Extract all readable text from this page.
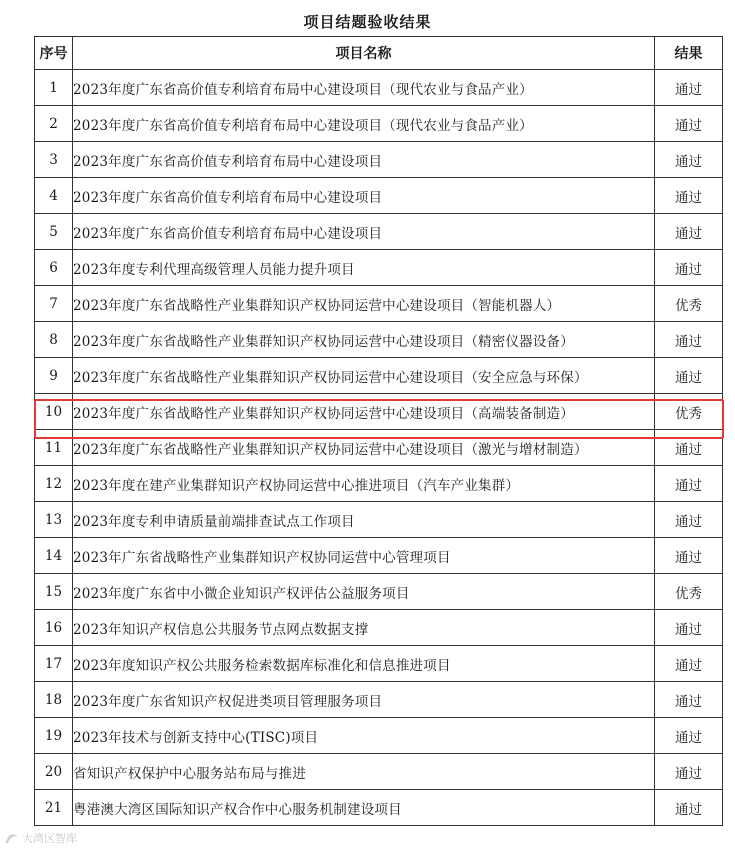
项目结题验收结果
序号	项目名称	结果
1	2023年度广东省高价值专利培育布局中心建设项目（现代农业与食品产业）	通过
2	2023年度广东省高价值专利培育布局中心建设项目（现代农业与食品产业）	通过
3	2023年度广东省高价值专利培育布局中心建设项目	通过
4	2023年度广东省高价值专利培育布局中心建设项目	通过
5	2023年度广东省高价值专利培育布局中心建设项目	通过
6	2023年度专利代理高级管理人员能力提升项目	通过
7	2023年度广东省战略性产业集群知识产权协同运营中心建设项目（智能机器人）	优秀
8	2023年度广东省战略性产业集群知识产权协同运营中心建设项目（精密仪器设备）	通过
9	2023年度广东省战略性产业集群知识产权协同运营中心建设项目（安全应急与环保）	通过
10	2023年度广东省战略性产业集群知识产权协同运营中心建设项目（高端装备制造）	优秀
11	2023年度广东省战略性产业集群知识产权协同运营中心建设项目（激光与增材制造）	通过
12	2023年度在建产业集群知识产权协同运营中心推进项目（汽车产业集群）	通过
13	2023年度专利申请质量前端排查试点工作项目	通过
14	2023年广东省战略性产业集群知识产权协同运营中心管理项目	通过
15	2023年度广东省中小微企业知识产权评估公益服务项目	优秀
16	2023年知识产权信息公共服务节点网点数据支撑	通过
17	2023年度知识产权公共服务检索数据库标准化和信息推进项目	通过
18	2023年度广东省知识产权促进类项目管理服务项目	通过
19	2023年技术与创新支持中心(TISC)项目	通过
20	省知识产权保护中心服务站布局与推进	通过
21	粤港澳大湾区国际知识产权合作中心服务机制建设项目	通过
大湾区智库
